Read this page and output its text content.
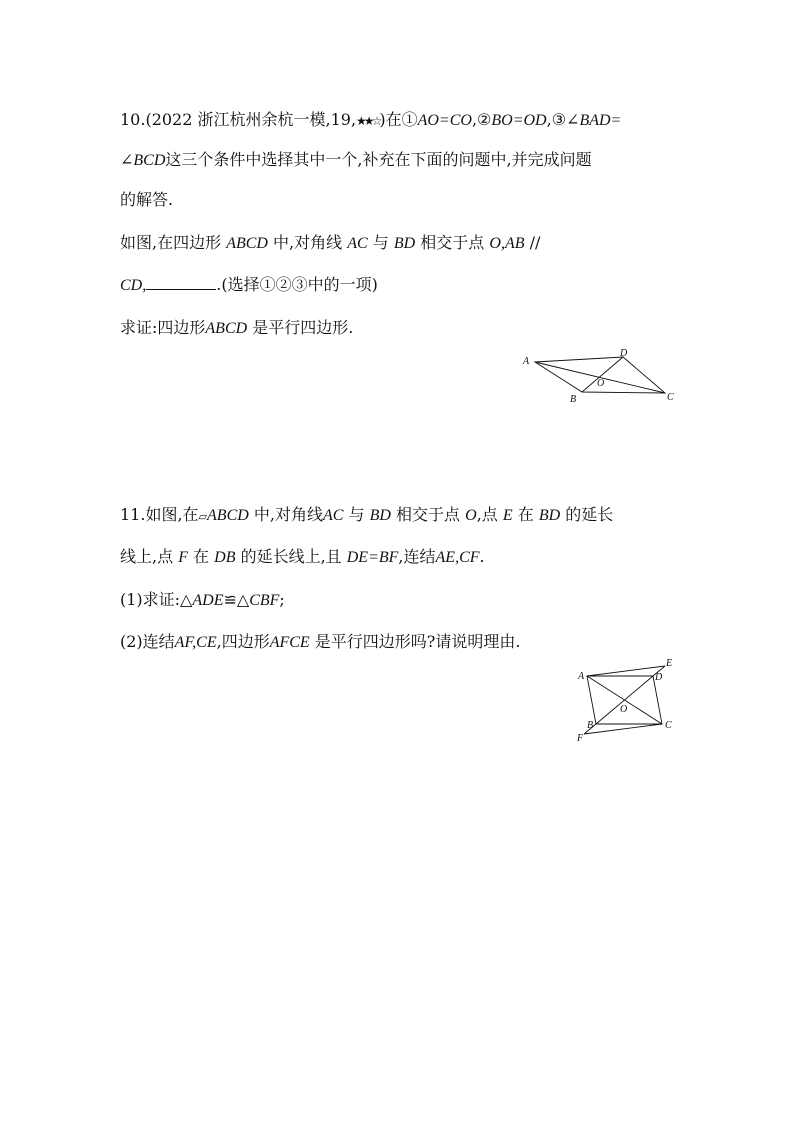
10.(2022 浙江杭州余杭一模,19,★★☆)在①AO=CO,②BO=OD,③∠BAD=
∠BCD这三个条件中选择其中一个,补充在下面的问题中,并完成问题
的解答.
如图,在四边形 ABCD 中,对角线 AC 与 BD 相交于点 O,AB //
CD,	.(选择①②③中的一项)
求证:四边形ABCD 是平行四边形.
A
D
O
B	C
11.如图,在▱ABCD 中,对角线AC 与 BD 相交于点 O,点 E 在 BD 的延长
线上,点 F 在 DB 的延长线上,且 DE=BF,连结AE,CF.
(1)求证:△ADE≌△CBF;
(2)连结AF,CE,四边形AFCE 是平行四边形吗?请说明理由.
A
E
D
O
B	C
F
